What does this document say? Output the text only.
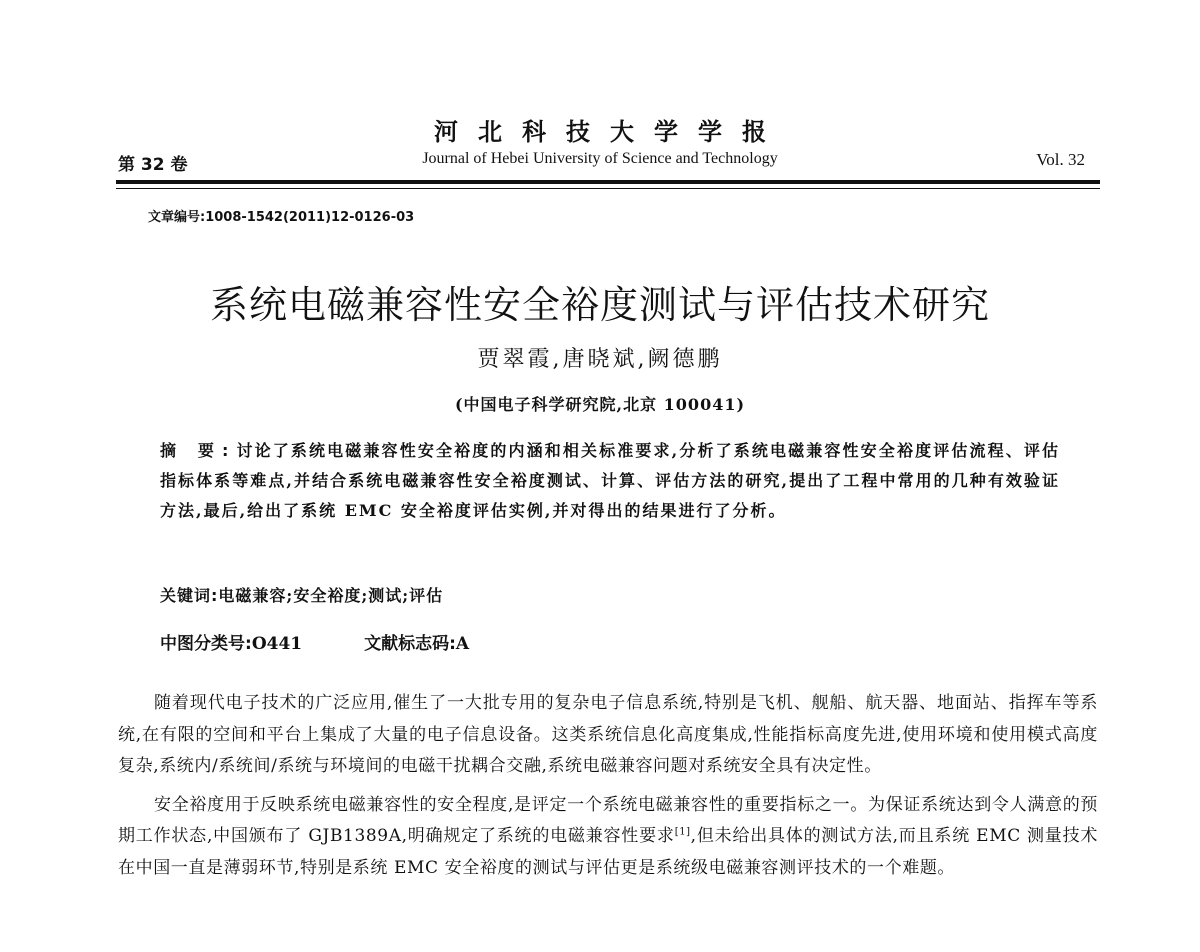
河北科技大学学报
第 32 卷	Journal of Hebei University of Science and Technology	Vol. 32
文章编号:1008-1542(2011)12-0126-03
系统电磁兼容性安全裕度测试与评估技术研究
贾翠霞,唐晓斌,阙德鹏
(中国电子科学研究院,北京 100041)
摘 要:讨论了系统电磁兼容性安全裕度的内涵和相关标准要求,分析了系统电磁兼容性安全裕度评估流程、评估指标体系等难点,并结合系统电磁兼容性安全裕度测试、计算、评估方法的研究,提出了工程中常用的几种有效验证方法,最后,给出了系统 EMC 安全裕度评估实例,并对得出的结果进行了分析。
关键词:电磁兼容;安全裕度;测试;评估
中图分类号:O441	文献标志码:A

随着现代电子技术的广泛应用,催生了一大批专用的复杂电子信息系统,特别是飞机、舰船、航天器、地面站、指挥车等系统,在有限的空间和平台上集成了大量的电子信息设备。这类系统信息化高度集成,性能指标高度先进,使用环境和使用模式高度复杂,系统内/系统间/系统与环境间的电磁干扰耦合交融,系统电磁兼容问题对系统安全具有决定性。

安全裕度用于反映系统电磁兼容性的安全程度,是评定一个系统电磁兼容性的重要指标之一。为保证系统达到令人满意的预期工作状态,中国颁布了 GJB1389A,明确规定了系统的电磁兼容性要求[1],但未给出具体的测试方法,而且系统 EMC 测量技术在中国一直是薄弱环节,特别是系统 EMC 安全裕度的测试与评估更是系统级电磁兼容测评技术的一个难题。
